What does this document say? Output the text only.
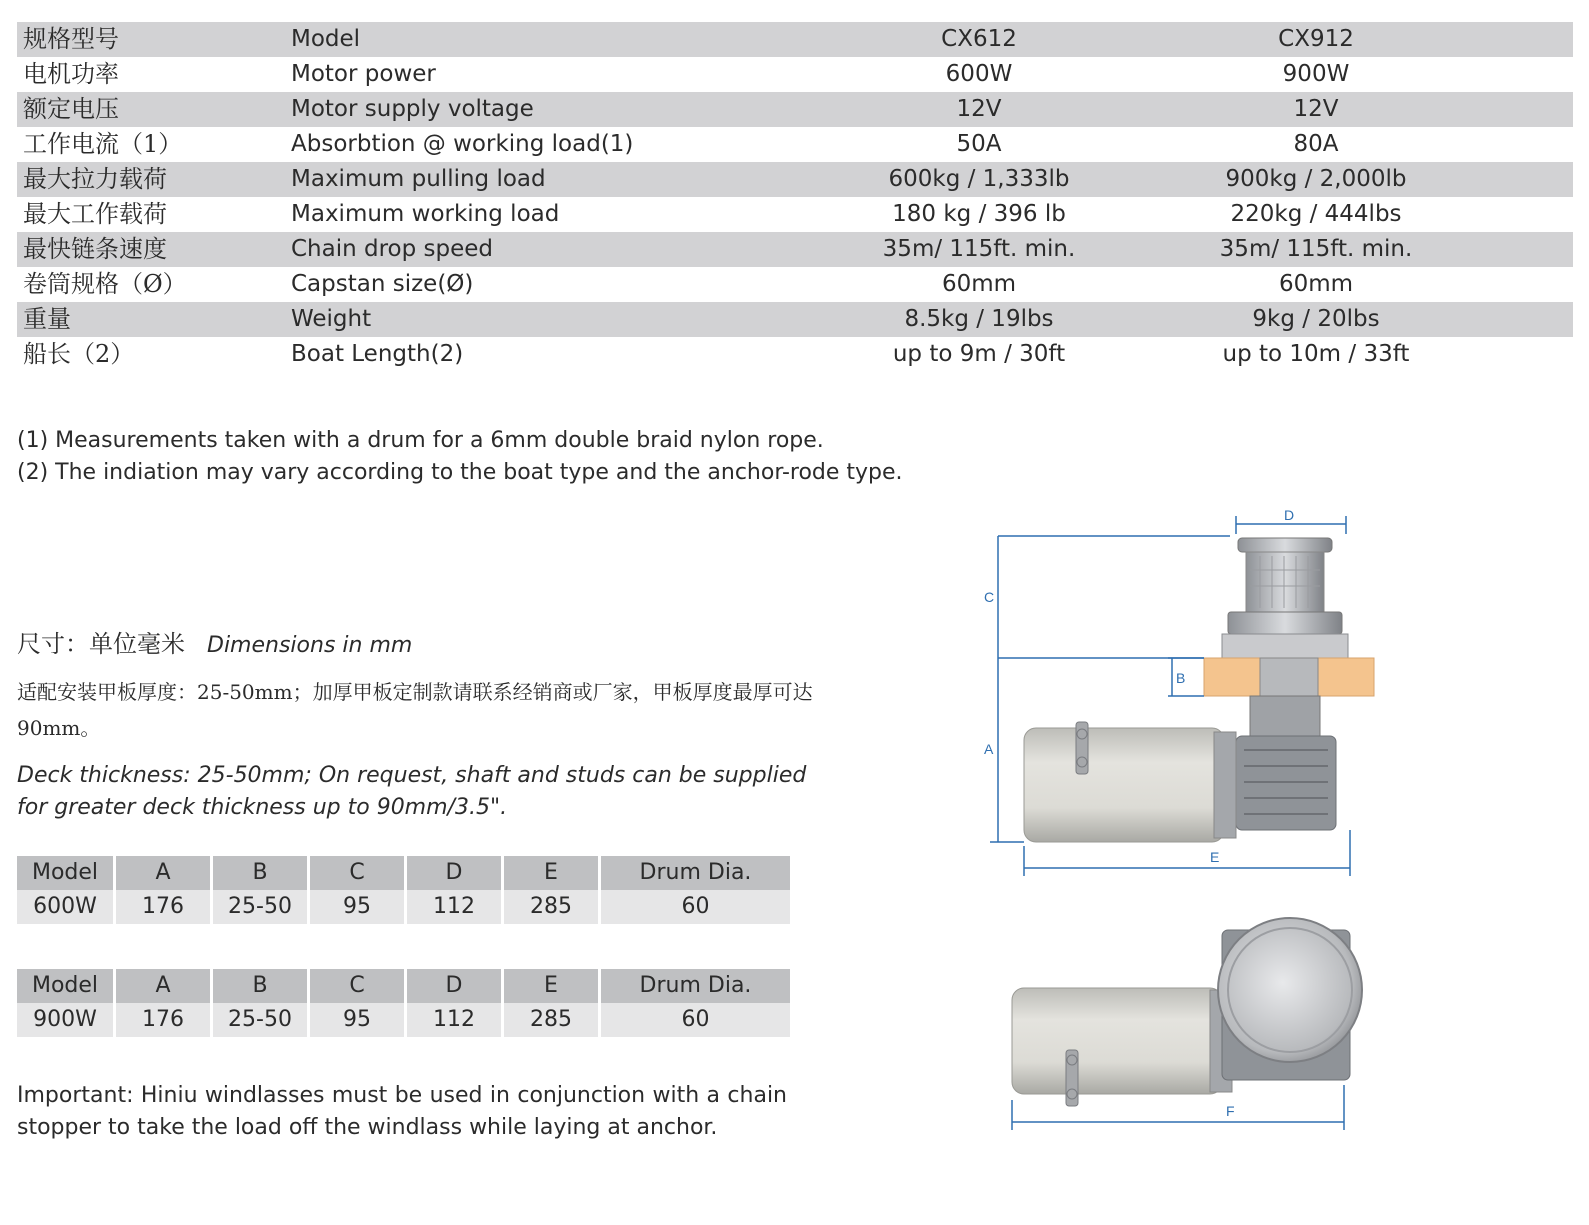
规格型号	Model	CX612	CX912
电机功率	Motor power	600W	900W
额定电压	Motor supply voltage	12V	12V
工作电流（1）	Absorbtion @ working load(1)	50A	80A
最大拉力载荷	Maximum pulling load	600kg / 1,333lb	900kg / 2,000lb
最大工作载荷	Maximum working load	180 kg / 396 lb	220kg / 444lbs
最快链条速度	Chain drop speed	35m/ 115ft. min.	35m/ 115ft. min.
卷筒规格（Ø）	Capstan size(Ø)	60mm	60mm
重量	Weight	8.5kg / 19lbs	9kg / 20lbs
船长（2）	Boat Length(2)	up to 9m / 30ft	up to 10m / 33ft
(1) Measurements taken with a drum for a 6mm double braid nylon rope.
(2) The indiation may vary according to the boat type and the anchor-rode type.
尺寸：单位毫米 Dimensions in mm
适配安装甲板厚度：25-50mm；加厚甲板定制款请联系经销商或厂家，甲板厚度最厚可达 90mm。
Deck thickness: 25-50mm; On request, shaft and studs can be supplied
for greater deck thickness up to 90mm/3.5".
Model	A	B	C	D	E	Drum Dia.
600W	176	25-50	95	112	285	60
Model	A	B	C	D	E	Drum Dia.
900W	176	25-50	95	112	285	60
Important: Hiniu windlasses must be used in conjunction with a chain stopper to take the load off the windlass while laying at anchor.
C
A
B
D
E
F
